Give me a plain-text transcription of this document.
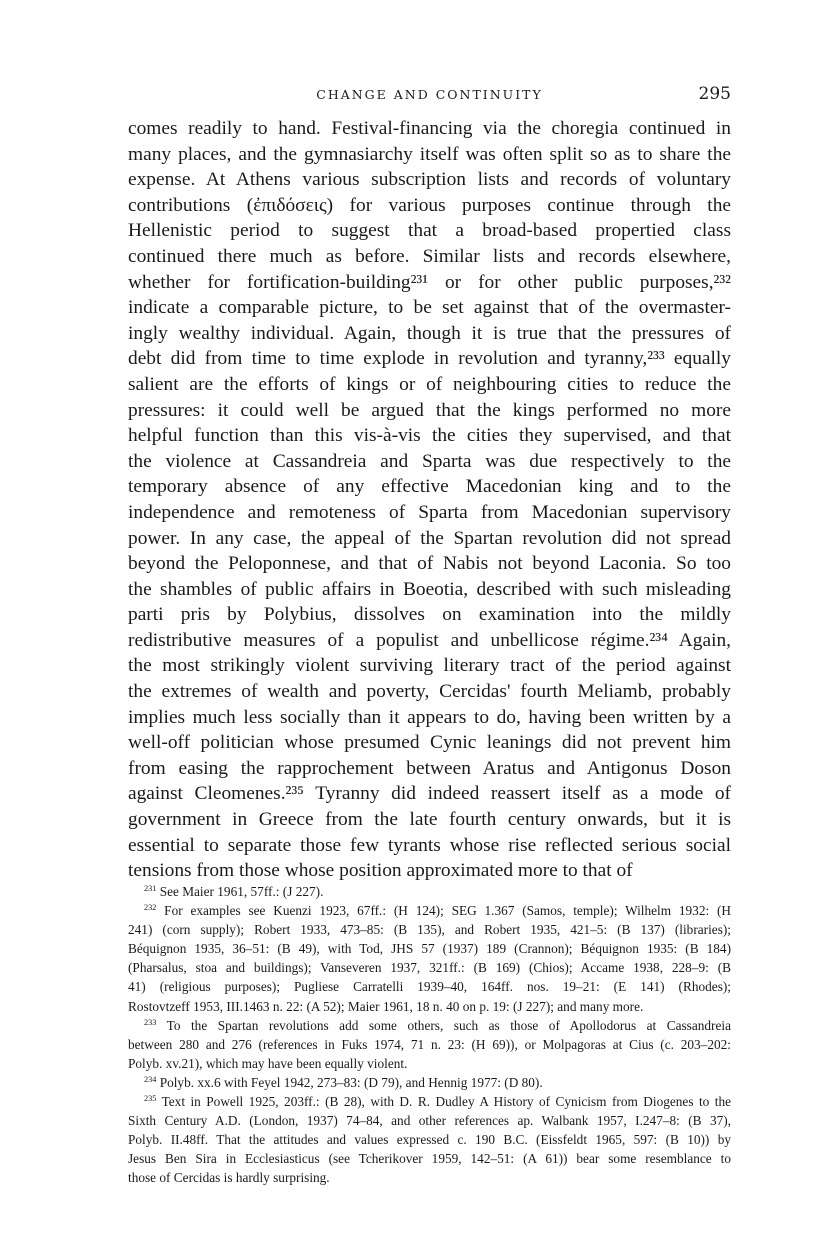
CHANGE AND CONTINUITY	295
comes readily to hand. Festival-financing via the choregia continued in
many places, and the gymnasiarchy itself was often split so as to share the
expense. At Athens various subscription lists and records of voluntary
contributions (ἐπιδόσεις) for various purposes continue through the
Hellenistic period to suggest that a broad-based propertied class
continued there much as before. Similar lists and records elsewhere,
whether for fortification-building²³¹ or for other public purposes,²³²
indicate a comparable picture, to be set against that of the overmaster-
ingly wealthy individual. Again, though it is true that the pressures of
debt did from time to time explode in revolution and tyranny,²³³ equally
salient are the efforts of kings or of neighbouring cities to reduce the
pressures: it could well be argued that the kings performed no more
helpful function than this vis-à-vis the cities they supervised, and that
the violence at Cassandreia and Sparta was due respectively to the
temporary absence of any effective Macedonian king and to the
independence and remoteness of Sparta from Macedonian supervisory
power. In any case, the appeal of the Spartan revolution did not spread
beyond the Peloponnese, and that of Nabis not beyond Laconia. So too
the shambles of public affairs in Boeotia, described with such misleading
parti pris by Polybius, dissolves on examination into the mildly
redistributive measures of a populist and unbellicose régime.²³⁴ Again,
the most strikingly violent surviving literary tract of the period against
the extremes of wealth and poverty, Cercidas' fourth Meliamb, probably
implies much less socially than it appears to do, having been written by a
well-off politician whose presumed Cynic leanings did not prevent him
from easing the rapprochement between Aratus and Antigonus Doson
against Cleomenes.²³⁵ Tyranny did indeed reassert itself as a mode of
government in Greece from the late fourth century onwards, but it is
essential to separate those few tyrants whose rise reflected serious social
tensions from those whose position approximated more to that of
$^{231}$ See Maier 1961, 57ff.: (J 227).
$^{232}$ For examples see Kuenzi 1923, 67ff.: (H 124); SEG 1.367 (Samos, temple); Wilhelm 1932: (H
241) (corn supply); Robert 1933, 473–85: (B 135), and Robert 1935, 421–5: (B 137) (libraries);
Béquignon 1935, 36–51: (B 49), with Tod, JHS 57 (1937) 189 (Crannon); Béquignon 1935: (B 184)
(Pharsalus, stoa and buildings); Vanseveren 1937, 321ff.: (B 169) (Chios); Accame 1938, 228–9: (B
41) (religious purposes); Pugliese Carratelli 1939–40, 164ff. nos. 19–21: (E 141) (Rhodes);
Rostovtzeff 1953, III.1463 n. 22: (A 52); Maier 1961, 18 n. 40 on p. 19: (J 227); and many more.
$^{233}$ To the Spartan revolutions add some others, such as those of Apollodorus at Cassandreia
between 280 and 276 (references in Fuks 1974, 71 n. 23: (H 69)), or Molpagoras at Cius (c. 203–202:
Polyb. xv.21), which may have been equally violent.
$^{234}$ Polyb. xx.6 with Feyel 1942, 273–83: (D 79), and Hennig 1977: (D 80).
$^{235}$ Text in Powell 1925, 203ff.: (B 28), with D. R. Dudley A History of Cynicism from Diogenes to the
Sixth Century A.D. (London, 1937) 74–84, and other references ap. Walbank 1957, I.247–8: (B 37),
Polyb. II.48ff. That the attitudes and values expressed c. 190 B.C. (Eissfeldt 1965, 597: (B 10)) by
Jesus Ben Sira in Ecclesiasticus (see Tcherikover 1959, 142–51: (A 61)) bear some resemblance to
those of Cercidas is hardly surprising.
